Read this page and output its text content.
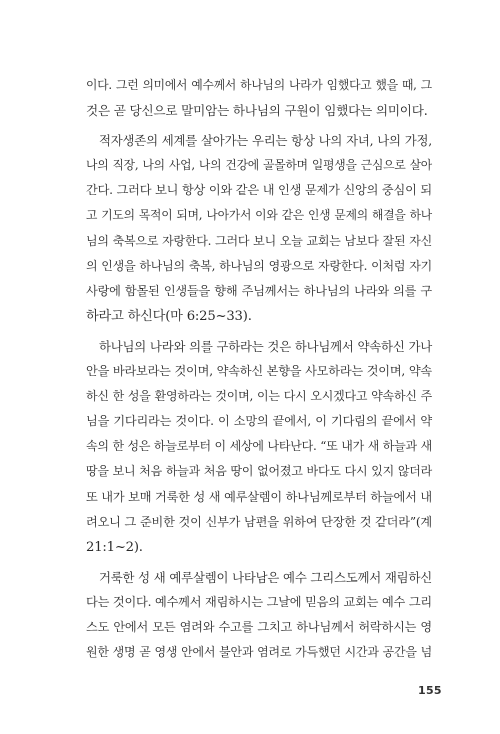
이다. 그런 의미에서 예수께서 하나님의 나라가 임했다고 했을 때, 그
것은 곧 당신으로 말미암는 하나님의 구원이 임했다는 의미이다.
적자생존의 세계를 살아가는 우리는 항상 나의 자녀, 나의 가정,
나의 직장, 나의 사업, 나의 건강에 골몰하며 일평생을 근심으로 살아
간다. 그러다 보니 항상 이와 같은 내 인생 문제가 신앙의 중심이 되
고 기도의 목적이 되며, 나아가서 이와 같은 인생 문제의 해결을 하나
님의 축복으로 자랑한다. 그러다 보니 오늘 교회는 남보다 잘된 자신
의 인생을 하나님의 축복, 하나님의 영광으로 자랑한다. 이처럼 자기
사랑에 함몰된 인생들을 향해 주님께서는 하나님의 나라와 의를 구
하라고 하신다(마 6:25~33).
하나님의 나라와 의를 구하라는 것은 하나님께서 약속하신 가나
안을 바라보라는 것이며, 약속하신 본향을 사모하라는 것이며, 약속
하신 한 성을 환영하라는 것이며, 이는 다시 오시겠다고 약속하신 주
님을 기다리라는 것이다. 이 소망의 끝에서, 이 기다림의 끝에서 약
속의 한 성은 하늘로부터 이 세상에 나타난다. “또 내가 새 하늘과 새
땅을 보니 처음 하늘과 처음 땅이 없어졌고 바다도 다시 있지 않더라
또 내가 보매 거룩한 성 새 예루살렘이 하나님께로부터 하늘에서 내
려오니 그 준비한 것이 신부가 남편을 위하여 단장한 것 같더라”(계
21:1~2).
거룩한 성 새 예루살렘이 나타남은 예수 그리스도께서 재림하신
다는 것이다. 예수께서 재림하시는 그날에 믿음의 교회는 예수 그리
스도 안에서 모든 염려와 수고를 그치고 하나님께서 허락하시는 영
원한 생명 곧 영생 안에서 불안과 염려로 가득했던 시간과 공간을 넘
155
